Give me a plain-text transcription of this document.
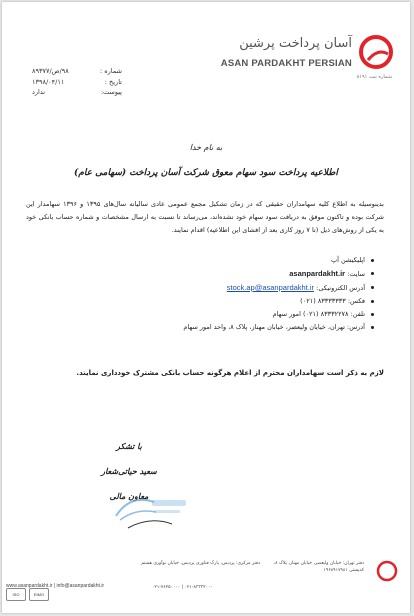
آسان پرداخت پرشین
ASAN PARDAKHT PERSIAN
شماره ثبت ۸۱۹۱
شماره :
۹۸/ص/۸۹۳۷۷
تاریخ :
۱۳۹۸/۰۴/۱۱
پیوست:
ندارد
به نام خدا
اطلاعیه پرداخت سود سهام معوق شرکت آسان پرداخت (سهامی عام)
بدینوسیله به اطلاع کلیه سهامداران حقیقی که در زمان تشکیل مجمع عمومی عادی سالیانه سال‌های ۱۳۹۵ و ۱۳۹۶ سهامدار این شرکت بوده و تاکنون موفق به دریافت سود سهام خود نشده‌اند، می‌رساند تا نسبت به ارسال مشخصات و شماره حساب بانکی خود به یکی از روش‌های ذیل (تا ۷ روز کاری بعد از افشای این اطلاعیه) اقدام نمایند.
اپلیکیشن آپ
سایت: asanpardakht.ir
آدرس الکترونیکی: stock.ap@asanpardakht.ir
فکس: ۸۳۳۳۳۳۳۳ (۰۲۱)
تلفن: ۸۳۳۳۲۲۷۸ (۰۲۱) امور سهام
آدرس: تهران، خیابان ولیعصر، خیابان مهناز، پلاک ۸، واحد امور سهام
لازم به ذکر است سهامداران محترم از اعلام هرگونه حساب بانکی مشترک خودداری نمایند.
با تشکر
سعید حیاتی‌شعار
معاون مالی
دفتر تهران: خیابان ولیعصر، خیابان مهناز، پلاک ۸، کدپستی ۱۹۶۸۹۱۷۹۸۱
دفتر مرکزی: پردیس، پارک فناوری پردیس، خیابان نوآوری هشتم
www.asanpardakht.ir | info@asanpardakht.ir
ISO	EIMO
۰۲۱-۸۳۳۳۲۰۰۰ | ۰۲۱-۷۶۲۵۰۰۰۰
